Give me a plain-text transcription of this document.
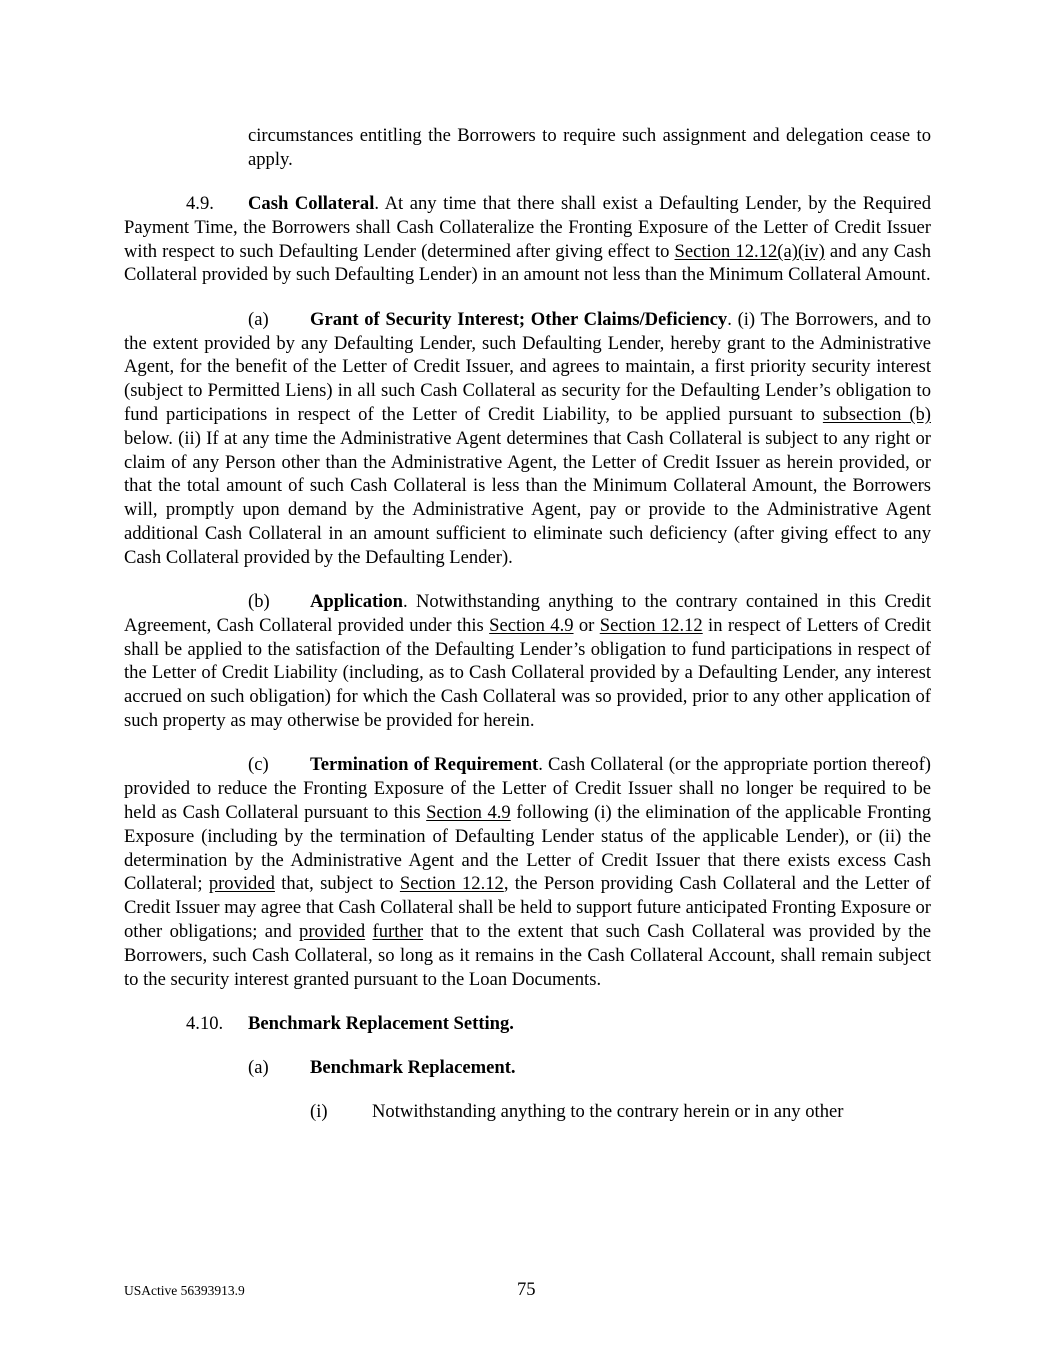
circumstances entitling the Borrowers to require such assignment and delegation cease to apply.

4.9. Cash Collateral. At any time that there shall exist a Defaulting Lender, by the Required Payment Time, the Borrowers shall Cash Collateralize the Fronting Exposure of the Letter of Credit Issuer with respect to such Defaulting Lender (determined after giving effect to Section 12.12(a)(iv) and any Cash Collateral provided by such Defaulting Lender) in an amount not less than the Minimum Collateral Amount.

(a) Grant of Security Interest; Other Claims/Deficiency. (i) The Borrowers, and to the extent provided by any Defaulting Lender, such Defaulting Lender, hereby grant to the Administrative Agent, for the benefit of the Letter of Credit Issuer, and agrees to maintain, a first priority security interest (subject to Permitted Liens) in all such Cash Collateral as security for the Defaulting Lender’s obligation to fund participations in respect of the Letter of Credit Liability, to be applied pursuant to subsection (b) below. (ii) If at any time the Administrative Agent determines that Cash Collateral is subject to any right or claim of any Person other than the Administrative Agent, the Letter of Credit Issuer as herein provided, or that the total amount of such Cash Collateral is less than the Minimum Collateral Amount, the Borrowers will, promptly upon demand by the Administrative Agent, pay or provide to the Administrative Agent additional Cash Collateral in an amount sufficient to eliminate such deficiency (after giving effect to any Cash Collateral provided by the Defaulting Lender).

(b) Application. Notwithstanding anything to the contrary contained in this Credit Agreement, Cash Collateral provided under this Section 4.9 or Section 12.12 in respect of Letters of Credit shall be applied to the satisfaction of the Defaulting Lender’s obligation to fund participations in respect of the Letter of Credit Liability (including, as to Cash Collateral provided by a Defaulting Lender, any interest accrued on such obligation) for which the Cash Collateral was so provided, prior to any other application of such property as may otherwise be provided for herein.

(c) Termination of Requirement. Cash Collateral (or the appropriate portion thereof) provided to reduce the Fronting Exposure of the Letter of Credit Issuer shall no longer be required to be held as Cash Collateral pursuant to this Section 4.9 following (i) the elimination of the applicable Fronting Exposure (including by the termination of Defaulting Lender status of the applicable Lender), or (ii) the determination by the Administrative Agent and the Letter of Credit Issuer that there exists excess Cash Collateral; provided that, subject to Section 12.12, the Person providing Cash Collateral and the Letter of Credit Issuer may agree that Cash Collateral shall be held to support future anticipated Fronting Exposure or other obligations; and provided further that to the extent that such Cash Collateral was provided by the Borrowers, such Cash Collateral, so long as it remains in the Cash Collateral Account, shall remain subject to the security interest granted pursuant to the Loan Documents.

4.10. Benchmark Replacement Setting.

(a) Benchmark Replacement.

(i) Notwithstanding anything to the contrary herein or in any other

USActive 56393913.9	75
